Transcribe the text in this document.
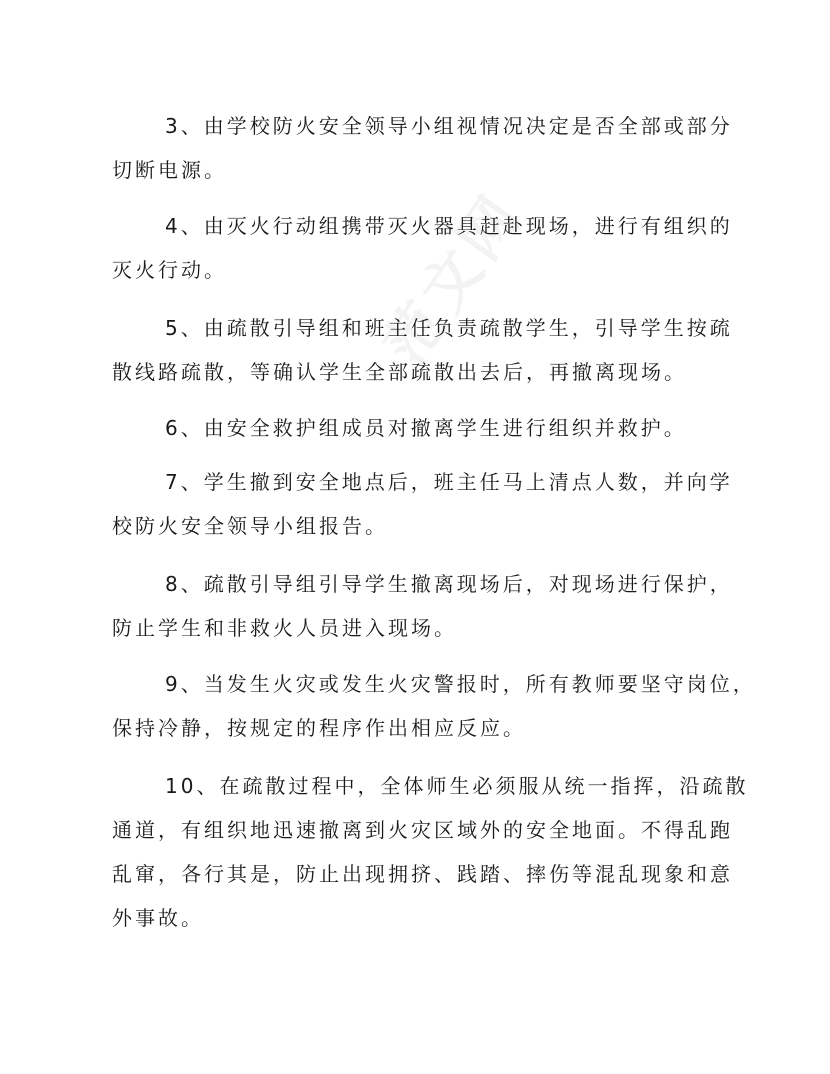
范文网

3、由学校防火安全领导小组视情况决定是否全部或部分
切断电源。

4、由灭火行动组携带灭火器具赶赴现场，进行有组织的
灭火行动。

5、由疏散引导组和班主任负责疏散学生，引导学生按疏
散线路疏散，等确认学生全部疏散出去后，再撤离现场。

6、由安全救护组成员对撤离学生进行组织并救护。

7、学生撤到安全地点后，班主任马上清点人数，并向学
校防火安全领导小组报告。

8、疏散引导组引导学生撤离现场后，对现场进行保护，
防止学生和非救火人员进入现场。

9、当发生火灾或发生火灾警报时，所有教师要坚守岗位，
保持冷静，按规定的程序作出相应反应。

10、在疏散过程中，全体师生必须服从统一指挥，沿疏散
通道，有组织地迅速撤离到火灾区域外的安全地面。不得乱跑
乱窜，各行其是，防止出现拥挤、践踏、摔伤等混乱现象和意
外事故。
